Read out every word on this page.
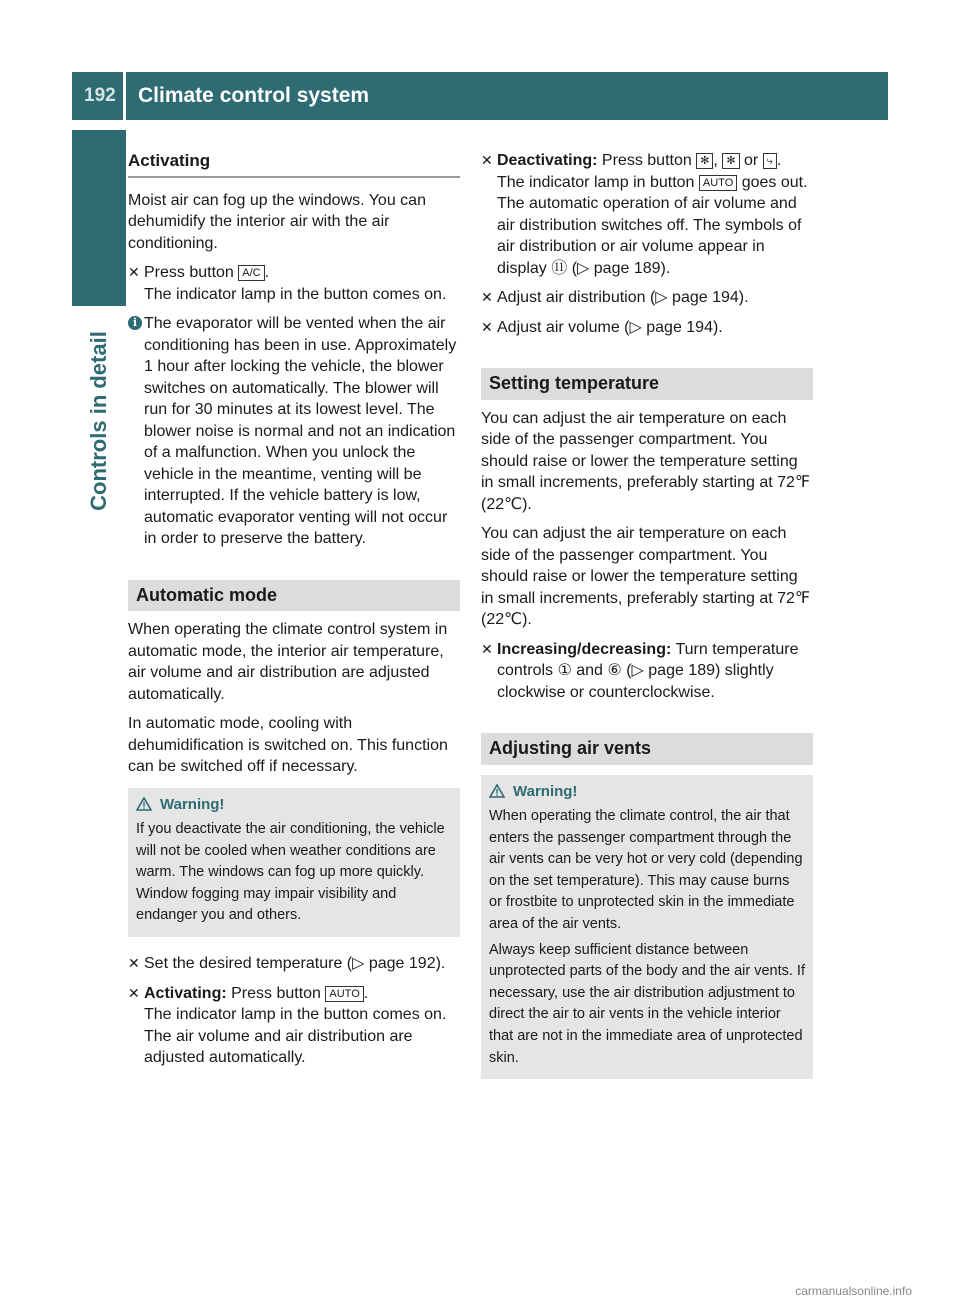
192	Climate control system
Controls in detail
Activating

Moist air can fog up the windows. You can dehumidify the interior air with the air conditioning.

✕ Press button A/C .
The indicator lamp in the button comes on.
i The evaporator will be vented when the air conditioning has been in use. Approximately 1 hour after locking the vehicle, the blower switches on automatically. The blower will run for 30 minutes at its lowest level. The blower noise is normal and not an indication of a malfunction. When you unlock the vehicle in the meantime, venting will be interrupted. If the vehicle battery is low, automatic evaporator venting will not occur in order to preserve the battery.
Automatic mode

When operating the climate control system in automatic mode, the interior air temperature, air volume and air distribution are adjusted automatically.

In automatic mode, cooling with dehumidification is switched on. This function can be switched off if necessary.

Warning!

If you deactivate the air conditioning, the vehicle will not be cooled when weather conditions are warm. The windows can fog up more quickly. Window fogging may impair visibility and endanger you and others.

✕ Set the desired temperature (▷ page 192).
✕ Activating: Press button AUTO .
The indicator lamp in the button comes on. The air volume and air distribution are adjusted automatically.
✕ Deactivating: Press button ✻ , ✻ or ⤷ .
The indicator lamp in button AUTO goes out.
The automatic operation of air volume and air distribution switches off. The symbols of air distribution or air volume appear in display ⑪ (▷ page 189).
✕ Adjust air distribution (▷ page 194).
✕ Adjust air volume (▷ page 194).
Setting temperature

You can adjust the air temperature on each side of the passenger compartment. You should raise or lower the temperature setting in small increments, preferably starting at 72℉ (22℃).

You can adjust the air temperature on each side of the passenger compartment. You should raise or lower the temperature setting in small increments, preferably starting at 72℉ (22℃).

✕ Increasing/decreasing: Turn temperature controls ① and ⑥ (▷ page 189) slightly clockwise or counterclockwise.
Adjusting air vents
Warning!

When operating the climate control, the air that enters the passenger compartment through the air vents can be very hot or very cold (depending on the set temperature). This may cause burns or frostbite to unprotected skin in the immediate area of the air vents.

Always keep sufficient distance between unprotected parts of the body and the air vents. If necessary, use the air distribution adjustment to direct the air to air vents in the vehicle interior that are not in the immediate area of unprotected skin.

carmanualsonline.info
